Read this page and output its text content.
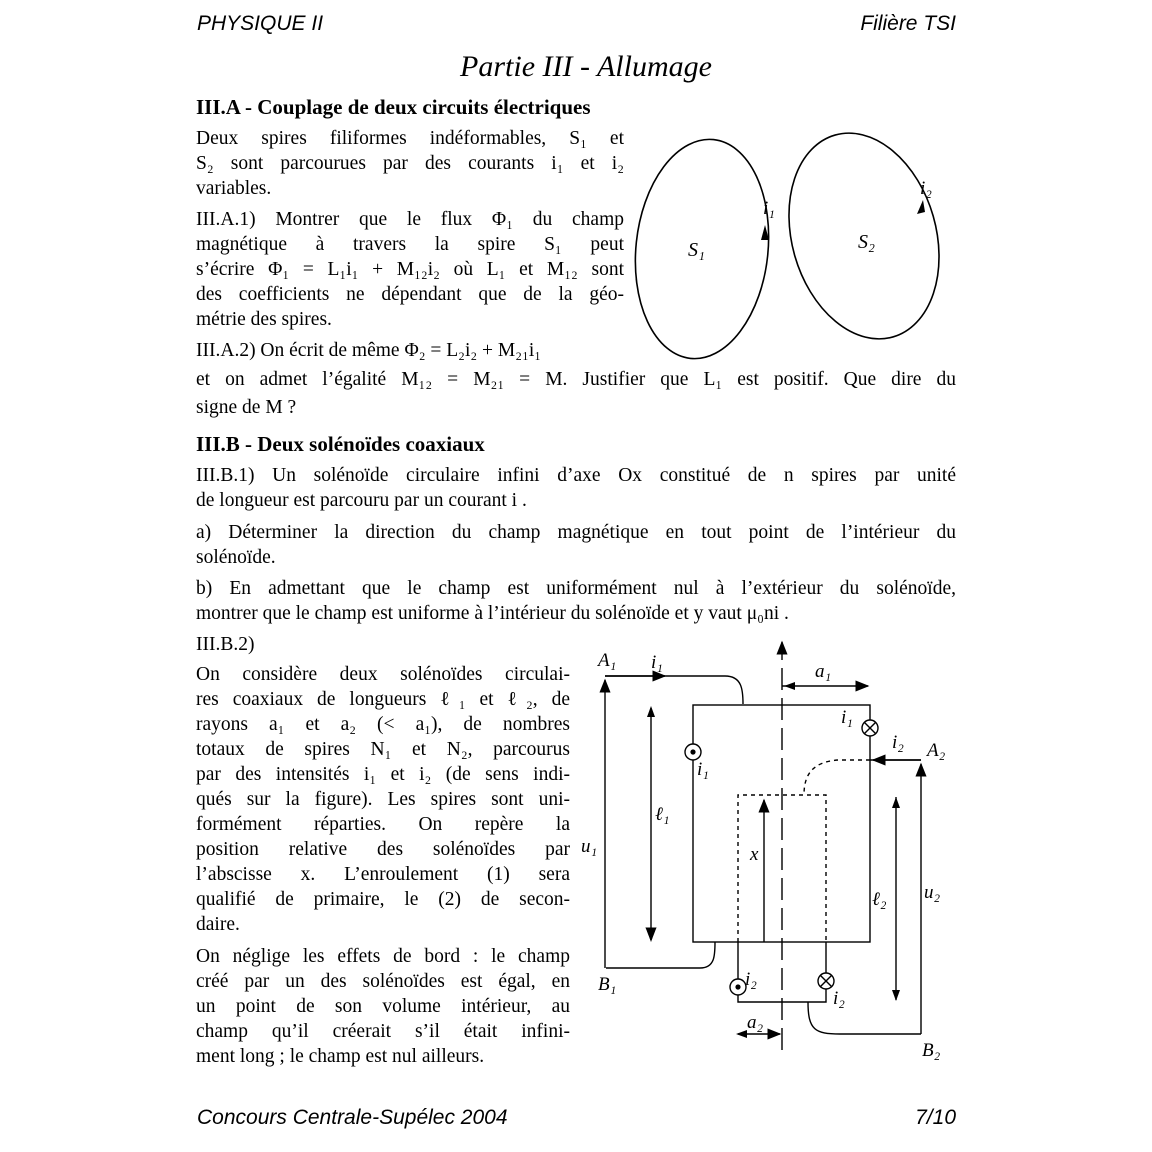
PHYSIQUE II	Filière TSI
Partie III - Allumage
III.A - Couplage de deux circuits électriques
Deux spires filiformes indéformables, S₁ et
S₂ sont parcourues par des courants i₁ et i₂
variables.
III.A.1) Montrer que le flux Φ₁ du champ
magnétique à travers la spire S₁ peut
s’écrire Φ₁ = L₁i₁ + M₁₂i₂ où L₁ et M₁₂ sont
des coefficients ne dépendant que de la géo-
métrie des spires.
III.A.2) On écrit de même Φ₂ = L₂i₂ + M₂₁i₁
et on admet l’égalité M₁₂ = M₂₁ = M. Justifier que L₁ est positif. Que dire du
signe de M ?
S₁	S₂
i₁
i₂
III.B - Deux solénoïdes coaxiaux
III.B.1) Un solénoïde circulaire infini d’axe Ox constitué de n spires par unité
de longueur est parcouru par un courant i .
a) Déterminer la direction du champ magnétique en tout point de l’intérieur du
solénoïde.
b) En admettant que le champ est uniformément nul à l’extérieur du solénoïde,
montrer que le champ est uniforme à l’intérieur du solénoïde et y vaut μ₀ni .
III.B.2)
On considère deux solénoïdes circulai-
res coaxiaux de longueurs ℓ₁ et ℓ₂, de
rayons a₁ et a₂ (< a₁), de nombres
totaux de spires N₁ et N₂, parcourus
par des intensités i₁ et i₂ (de sens indi-
qués sur la figure). Les spires sont uni-
formément réparties. On repère la
position relative des solénoïdes par
l’abscisse x. L’enroulement (1) sera
qualifié de primaire, le (2) de secon-
daire.
On néglige les effets de bord : le champ
créé par un des solénoïdes est égal, en
un point de son volume intérieur, au
champ qu’il créerait s’il était infini-
ment long ; le champ est nul ailleurs.
A₁
B₁
A₂
B₂
i₁
i₁
i₁
i₂
i₂
i₂
a₁
a₂
ℓ₁
ℓ₂
u₁
u₂
x
Concours Centrale-Supélec 2004	7/10
